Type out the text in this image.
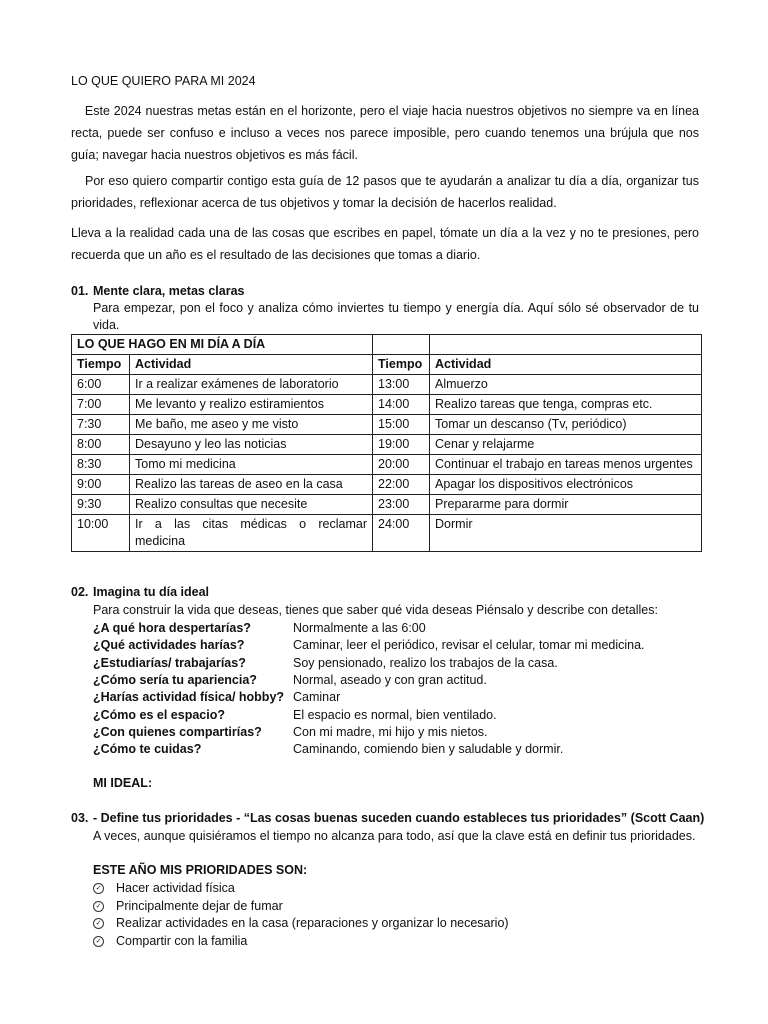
LO QUE QUIERO PARA MI 2024
Este 2024 nuestras metas están en el horizonte, pero el viaje hacia nuestros objetivos no siempre va en línea recta, puede ser confuso e incluso a veces nos parece imposible, pero cuando tenemos una brújula que nos guía; navegar hacia nuestros objetivos es más fácil.
Por eso quiero compartir contigo esta guía de 12 pasos que te ayudarán a analizar tu día a día, organizar tus prioridades, reflexionar acerca de tus objetivos y tomar la decisión de hacerlos realidad.
Lleva a la realidad cada una de las cosas que escribes en papel, tómate un día a la vez y no te presiones, pero recuerda que un año es el resultado de las decisiones que tomas a diario.
01. Mente clara, metas claras
Para empezar, pon el foco y analiza cómo inviertes tu tiempo y energía día. Aquí sólo sé observador de tu vida.
LO QUE HAGO EN MI DÍA A DÍA			
Tiempo	Actividad	Tiempo	Actividad
6:00	Ir a realizar exámenes de laboratorio	13:00	Almuerzo
7:00	Me levanto y realizo estiramientos	14:00	Realizo tareas que tenga, compras etc.
7:30	Me baño, me aseo y me visto	15:00	Tomar un descanso (Tv, periódico)
8:00	Desayuno y leo las noticias	19:00	Cenar y relajarme
8:30	Tomo mi medicina	20:00	Continuar el trabajo en tareas menos urgentes
9:00	Realizo las tareas de aseo en la casa	22:00	Apagar los dispositivos electrónicos
9:30	Realizo consultas que necesite	23:00	Prepararme para dormir
10:00	Ir a las citas médicas o reclamar medicina	24:00	Dormir
02. Imagina tu día ideal
Para construir la vida que deseas, tienes que saber qué vida deseas Piénsalo y describe con detalles:
¿A qué hora despertarías?	Normalmente a las 6:00
¿Qué actividades harías?	Caminar, leer el periódico, revisar el celular, tomar mi medicina.
¿Estudiarías/ trabajarías?	Soy pensionado, realizo los trabajos de la casa.
¿Cómo sería tu apariencia?	Normal, aseado y con gran actitud.
¿Harías actividad física/ hobby? Caminar
¿Cómo es el espacio?	El espacio es normal, bien ventilado.
¿Con quienes compartirías? Con mi madre, mi hijo y mis nietos.
¿Cómo te cuidas?	Caminando, comiendo bien y saludable y dormir.
MI IDEAL:
03. - Define tus prioridades - “Las cosas buenas suceden cuando estableces tus prioridades” (Scott Caan)
A veces, aunque quisiéramos el tiempo no alcanza para todo, así que la clave está en definir tus prioridades.
ESTE AÑO MIS PRIORIDADES SON:
✓ Hacer actividad física
✓ Principalmente dejar de fumar
✓ Realizar actividades en la casa (reparaciones y organizar lo necesario)
✓ Compartir con la familia
